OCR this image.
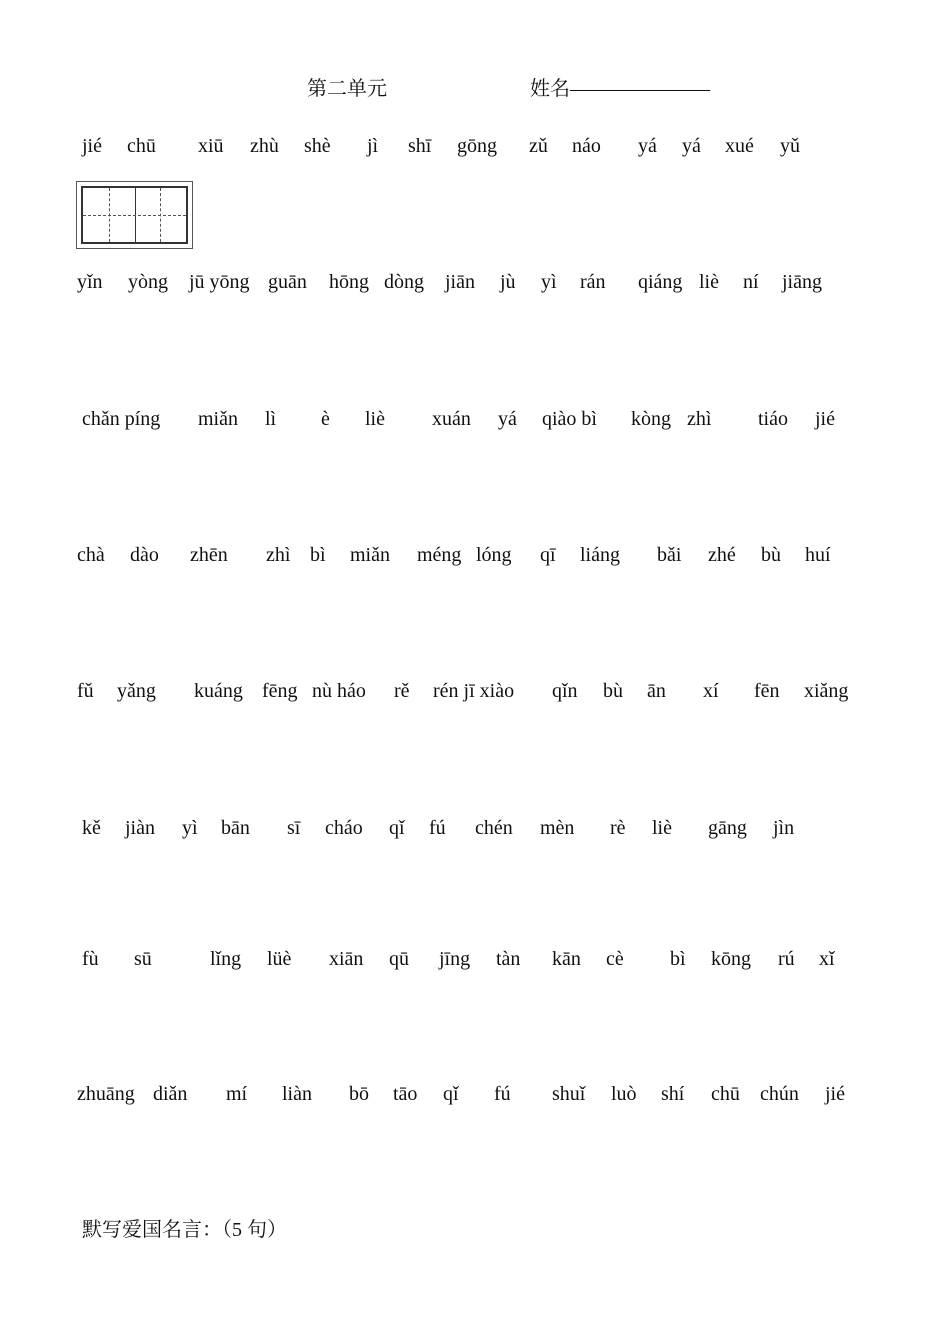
第二单元	姓名———————
jié chū xiū zhù shè jì shī gōng zǔ náo yá yá xué yǔ
yǐn yòng jū yōng guān hōng dòng jiān jù yì rán qiáng liè ní jiāng
chǎn píng miǎn lì è liè xuán yá qiào bì kòng zhì tiáo jié
chà dào zhēn zhì bì miǎn méng lóng qī liáng bǎi zhé bù huí
fǔ yǎng kuáng fēng nù háo rě rén jī xiào qǐn bù ān xí fēn xiǎng
kě jiàn yì bān sī cháo qǐ fú chén mèn rè liè gāng jìn
fù sū	lǐng lüè xiān qū jīng tàn kān cè bì kōng rú xǐ
zhuāng diǎn mí liàn bō tāo qǐ fú shuǐ luò shí chū chún jié
默写爱国名言：（5 句）
